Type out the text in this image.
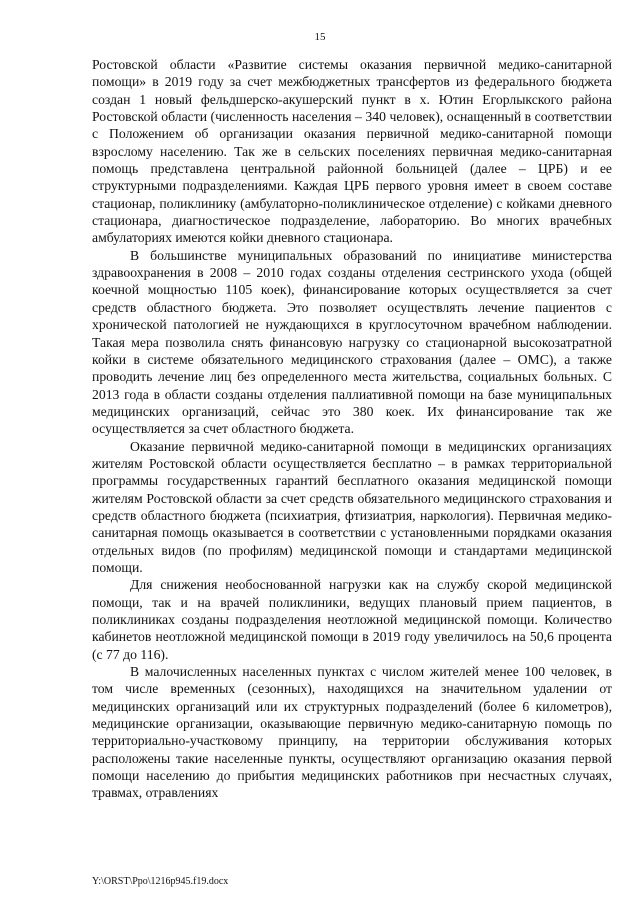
15

Ростовской области «Развитие системы оказания первичной медико-санитарной помощи» в 2019 году за счет межбюджетных трансфертов из федерального бюджета создан 1 новый фельдшерско-акушерский пункт в х. Ютин Егорлыкского района Ростовской области (численность населения – 340 человек), оснащенный в соответствии с Положением об организации оказания первичной медико-санитарной помощи взрослому населению. Так же в сельских поселениях первичная медико-санитарная помощь представлена центральной районной больницей (далее – ЦРБ) и ее структурными подразделениями. Каждая ЦРБ первого уровня имеет в своем составе стационар, поликлинику (амбулаторно-поликлиническое отделение) с койками дневного стационара, диагностическое подразделение, лабораторию. Во многих врачебных амбулаториях имеются койки дневного стационара.

В большинстве муниципальных образований по инициативе министерства здравоохранения в 2008 – 2010 годах созданы отделения сестринского ухода (общей коечной мощностью 1105 коек), финансирование которых осуществляется за счет средств областного бюджета. Это позволяет осуществлять лечение пациентов с хронической патологией не нуждающихся в круглосуточном врачебном наблюдении. Такая мера позволила снять финансовую нагрузку со стационарной высокозатратной койки в системе обязательного медицинского страхования (далее – ОМС), а также проводить лечение лиц без определенного места жительства, социальных больных. С 2013 года в области созданы отделения паллиативной помощи на базе муниципальных медицинских организаций, сейчас это 380 коек. Их финансирование так же осуществляется за счет областного бюджета.

Оказание первичной медико-санитарной помощи в медицинских организациях жителям Ростовской области осуществляется бесплатно – в рамках территориальной программы государственных гарантий бесплатного оказания медицинской помощи жителям Ростовской области за счет средств обязательного медицинского страхования и средств областного бюджета (психиатрия, фтизиатрия, наркология). Первичная медико-санитарная помощь оказывается в соответствии с установленными порядками оказания отдельных видов (по профилям) медицинской помощи и стандартами медицинской помощи.

Для снижения необоснованной нагрузки как на службу скорой медицинской помощи, так и на врачей поликлиники, ведущих плановый прием пациентов, в поликлиниках созданы подразделения неотложной медицинской помощи. Количество кабинетов неотложной медицинской помощи в 2019 году увеличилось на 50,6 процента (с 77 до 116).

В малочисленных населенных пунктах с числом жителей менее 100 человек, в том числе временных (сезонных), находящихся на значительном удалении от медицинских организаций или их структурных подразделений (более 6 километров), медицинские организации, оказывающие первичную медико-санитарную помощь по территориально-участковому принципу, на территории обслуживания которых расположены такие населенные пункты, осуществляют организацию оказания первой помощи населению до прибытия медицинских работников при несчастных случаях, травмах, отравлениях

Y:\ORST\Ppo\1216p945.f19.docx
